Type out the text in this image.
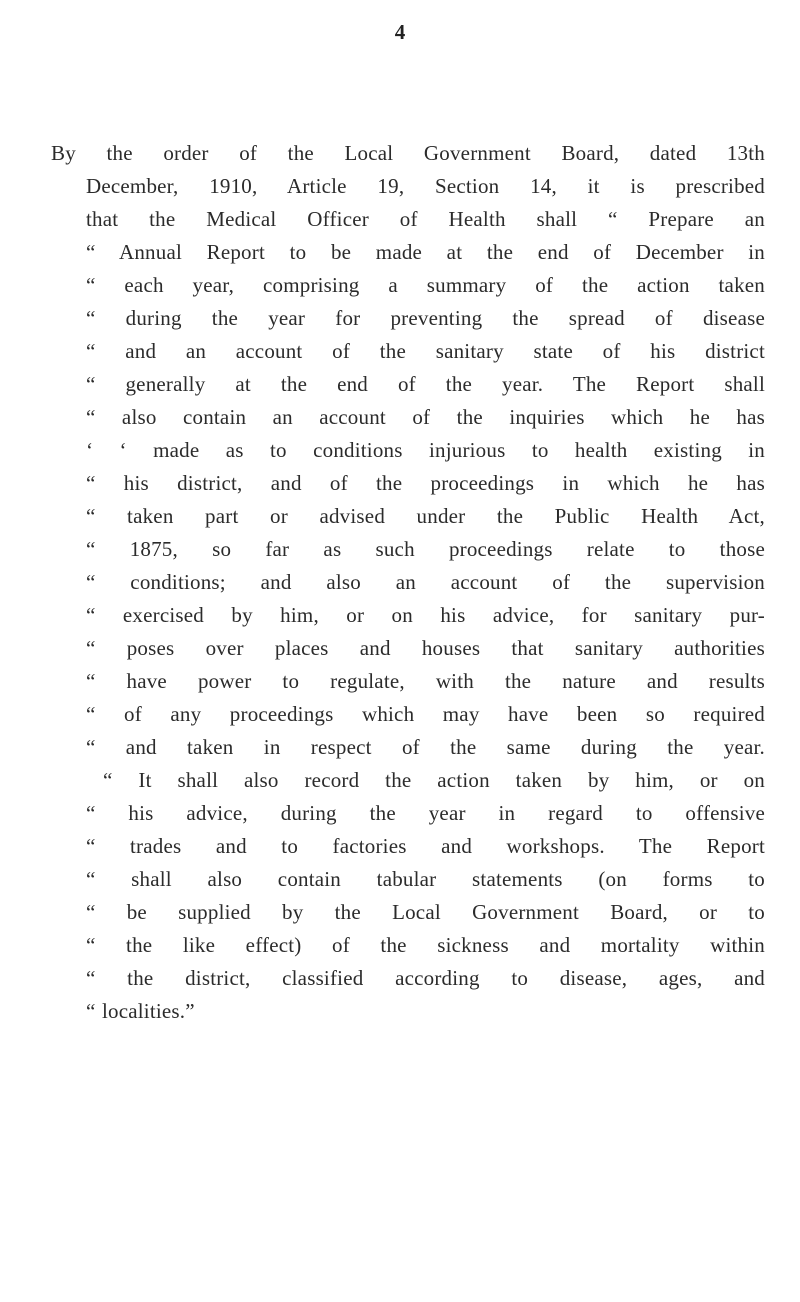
4
By the order of the Local Government Board, dated 13th
December, 1910, Article 19, Section 14, it is prescribed
that the Medical Officer of Health shall “ Prepare an
“ Annual Report to be made at the end of December in
“ each year, comprising a summary of the action taken
“ during the year for preventing the spread of disease
“ and an account of the sanitary state of his district
“ generally at the end of the year. The Report shall
“ also contain an account of the inquiries which he has
‘ ‘ made as to conditions injurious to health existing in
“ his district, and of the proceedings in which he has
“ taken part or advised under the Public Health Act,
“ 1875, so far as such proceedings relate to those
“ conditions; and also an account of the supervision
“ exercised by him, or on his advice, for sanitary pur-
“ poses over places and houses that sanitary authorities
“ have power to regulate, with the nature and results
“ of any proceedings which may have been so required
“ and taken in respect of the same during the year.
“ It shall also record the action taken by him, or on
“ his advice, during the year in regard to offensive
“ trades and to factories and workshops. The Report
“ shall also contain tabular statements (on forms to
“ be supplied by the Local Government Board, or to
“ the like effect) of the sickness and mortality within
“ the district, classified according to disease, ages, and
“ localities.”
